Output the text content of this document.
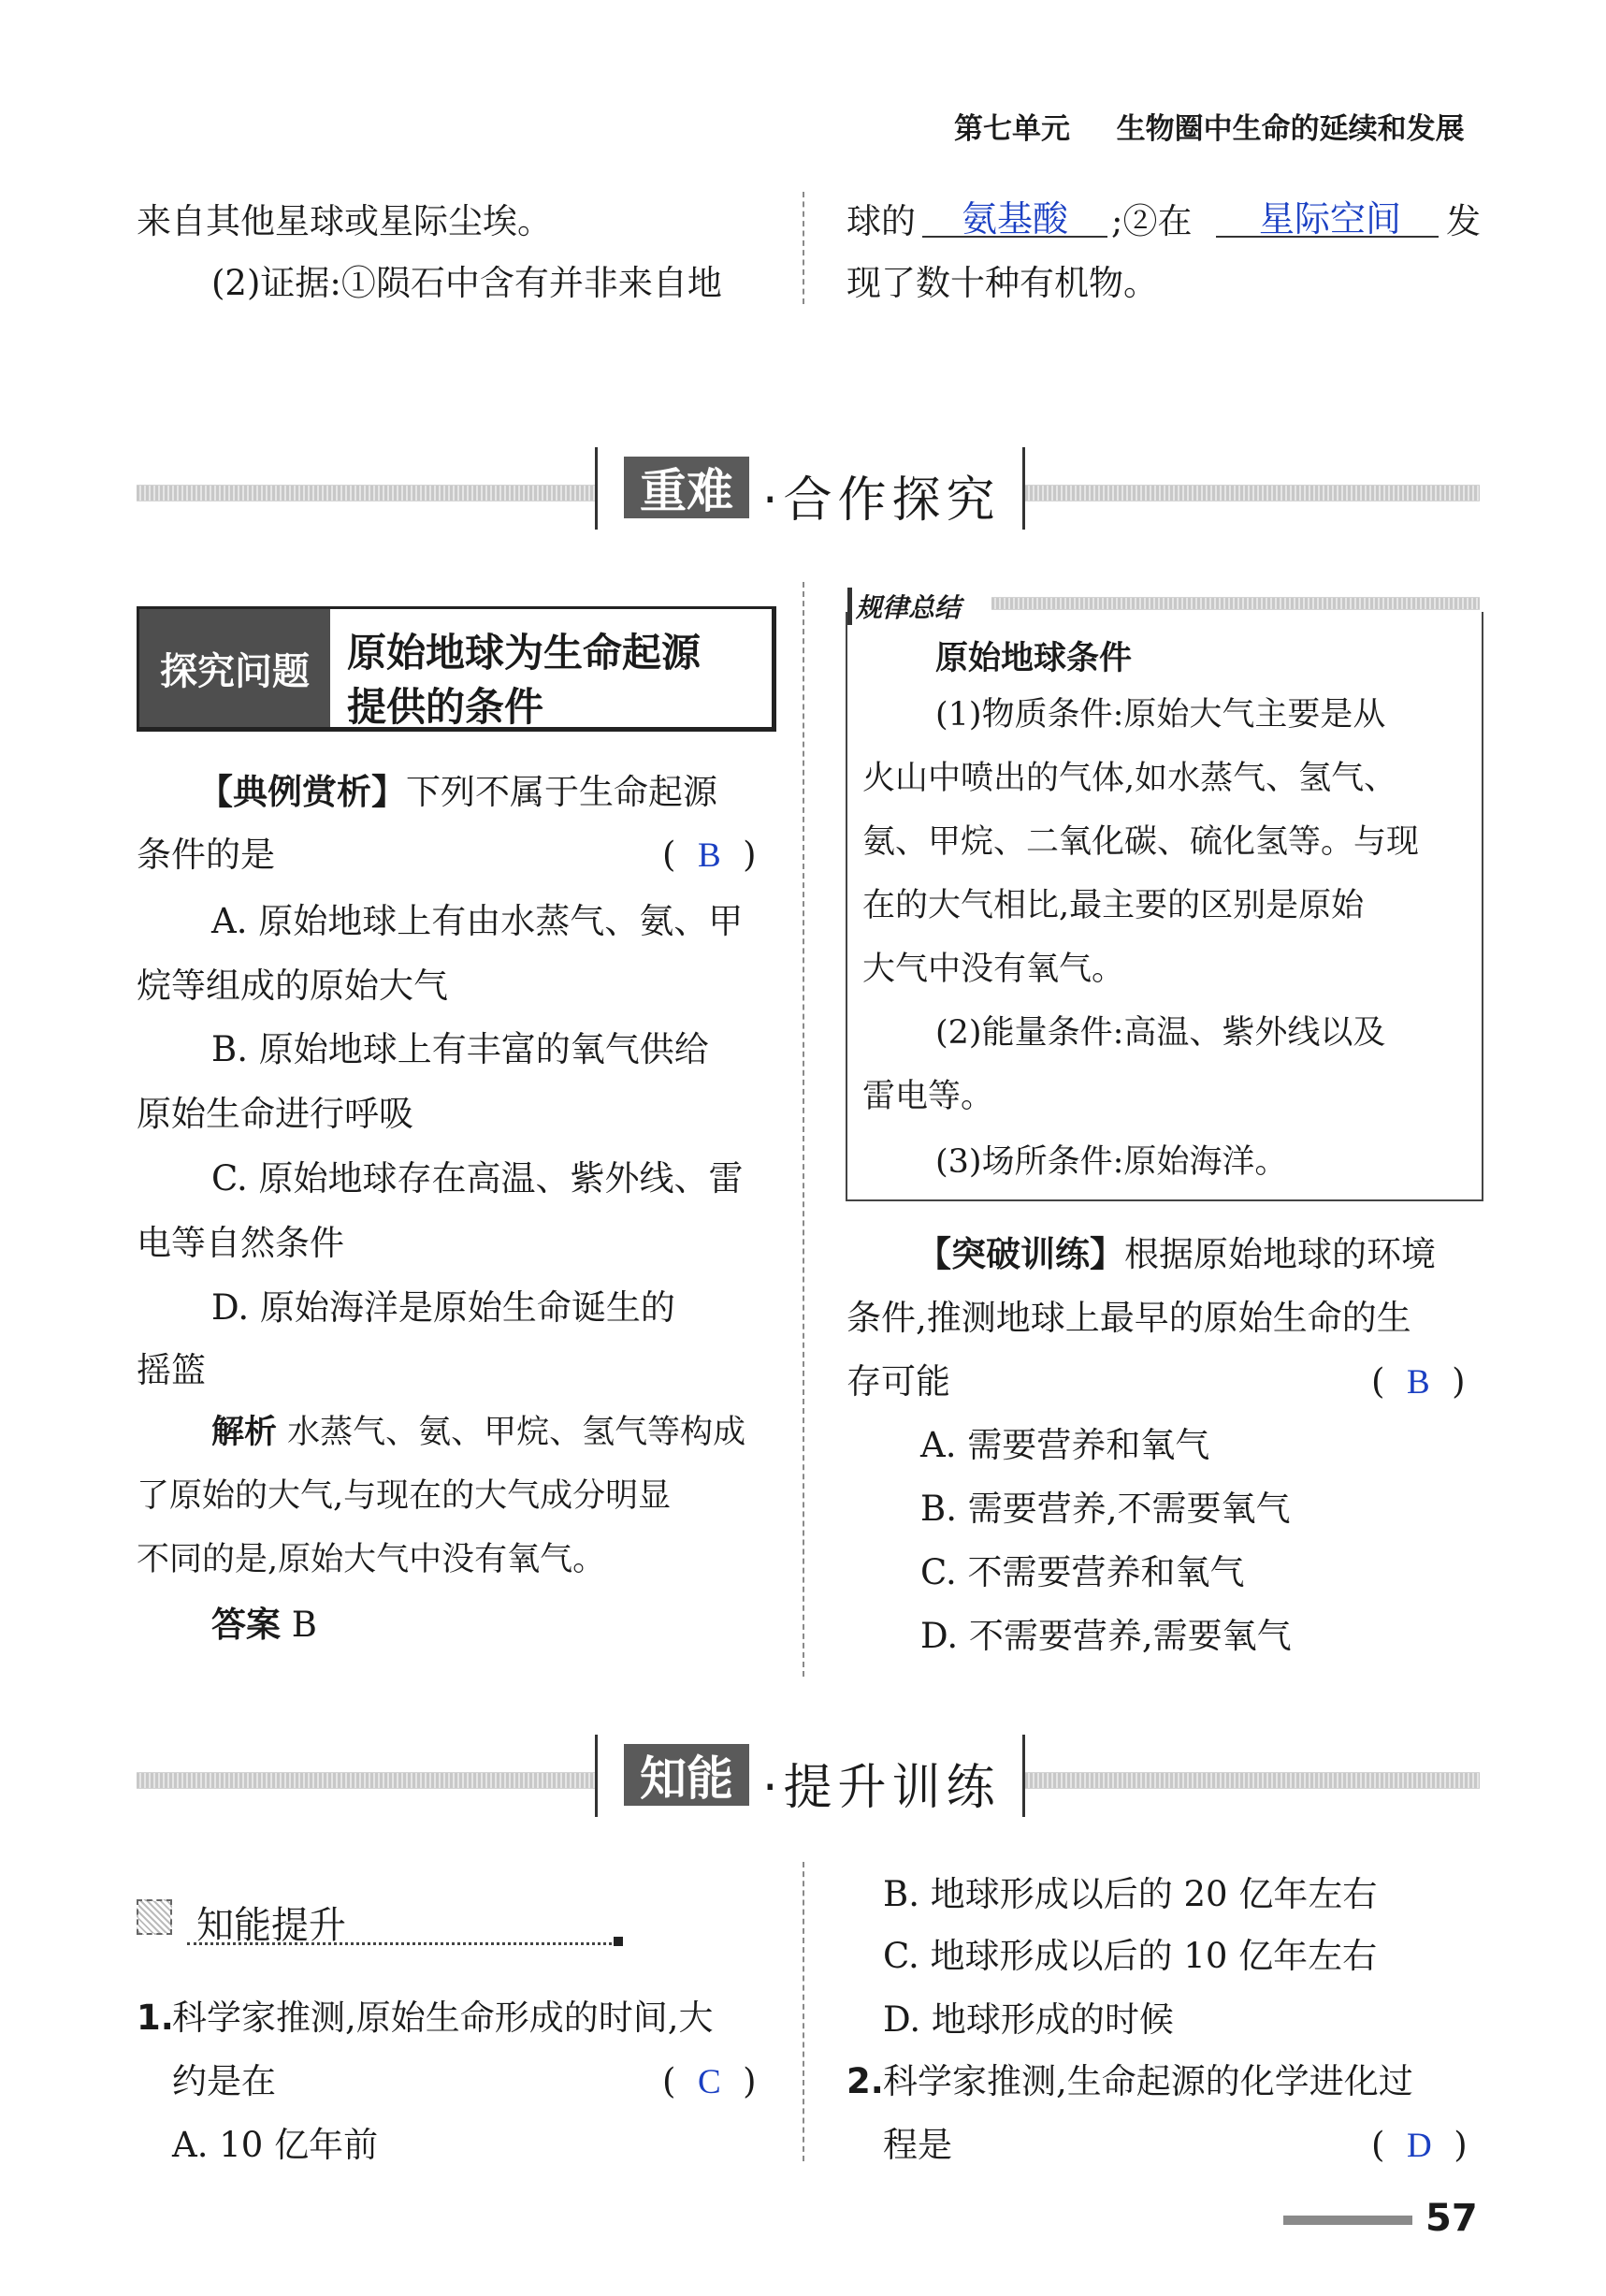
第七单元 生物圈中生命的延续和发展
来自其他星球或星际尘埃。
(2)证据:①陨石中含有并非来自地
球的 氨基酸 ;②在 星际空间 发
现了数十种有机物。
重难 ·合作探究
探究问题 原始地球为生命起源
提供的条件
【典例赏析】下列不属于生命起源
条件的是	(  B  )
A. 原始地球上有由水蒸气、氨、甲
烷等组成的原始大气
B. 原始地球上有丰富的氧气供给
原始生命进行呼吸
C. 原始地球存在高温、紫外线、雷
电等自然条件
D. 原始海洋是原始生命诞生的
摇篮
解析 水蒸气、氨、甲烷、氢气等构成
了原始的大气,与现在的大气成分明显
不同的是,原始大气中没有氧气。
答案 B
规律总结
原始地球条件
(1)物质条件:原始大气主要是从
火山中喷出的气体,如水蒸气、氢气、
氨、甲烷、二氧化碳、硫化氢等。与现
在的大气相比,最主要的区别是原始
大气中没有氧气。
(2)能量条件:高温、紫外线以及
雷电等。
(3)场所条件:原始海洋。
【突破训练】根据原始地球的环境
条件,推测地球上最早的原始生命的生
存可能	(  B  )
A. 需要营养和氧气
B. 需要营养,不需要氧气
C. 不需要营养和氧气
D. 不需要营养,需要氧气
知能 ·提升训练
知能提升
1.
科学家推测,原始生命形成的时间,大
约是在	(  C  )
A. 10 亿年前
B. 地球形成以后的 20 亿年左右
C. 地球形成以后的 10 亿年左右
D. 地球形成的时候
2. 科学家推测,生命起源的化学进化过
程是	(  D  )
57
